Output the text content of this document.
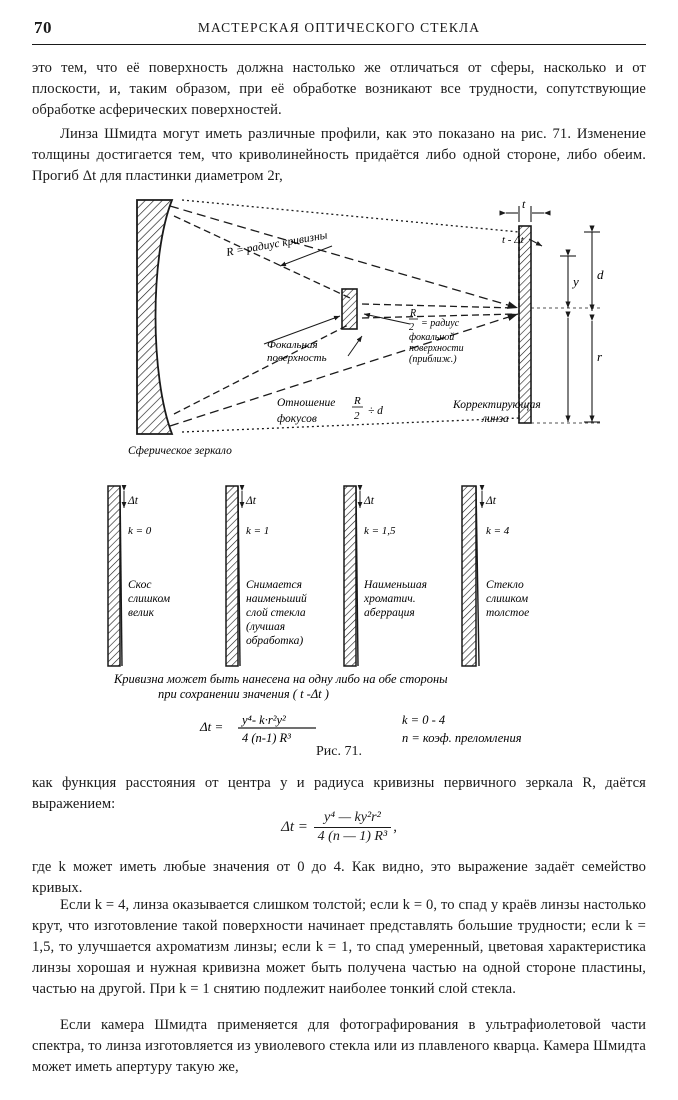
70	МАСТЕРСКАЯ ОПТИЧЕСКОГО СТЕКЛА

это тем, что её поверхность должна настолько же отличаться от сферы, насколько и от плоскости, и, таким образом, при её обработке возникают все трудности, сопутствующие обработке асферических поверхностей.

Линза Шмидта могут иметь различные профили, как это показано на рис. 71. Изменение толщины достигается тем, что криволинейность придаётся либо одной стороне, либо обеим. Прогиб Δt для пластинки диаметром 2r,

t
t - Δt
y d
r
R = радиус кривизны
R
2 = радиус
фокальной
поверхности
(приближ.)
Фокальная
поверхность
Отношение
фокусов
R
2 ÷ d	Корректирующая
линза
Сферическое зеркало
Δt
k = 0
Скос
слишком
велик
Δt
k = 1
Снимается
наименьший
слой стекла
(лучшая
обработка)
Δt
k = 1,5
Наименьшая
хроматич.
аберрация
Δt
k = 4
Стекло
слишком
толстое
Кривизна может быть нанесена на одну либо на обе стороны
при сохранении значения ( t -Δt )
Δt = y⁴- k·r²y²
4 (n-1) R³
k = 0 - 4
n = коэф. преломления
Рис. 71.

как функция расстояния от центра y и радиуса кривизны первичного зеркала R, даётся выражением:

$\Delta t = \frac{\text{y⁴ — ky²r²}}{\text{4 (n — 1) R³}}$ ,

где k может иметь любые значения от 0 до 4. Как видно, это выражение задаёт семейство кривых.

Если k = 4, линза оказывается слишком толстой; если k = 0, то спад у краёв линзы настолько крут, что изготовление такой поверхности начинает представлять большие трудности; если k = 1,5, то улучшается ахроматизм линзы; если k = 1, то спад умеренный, цветовая характеристика линзы хорошая и нужная кривизна может быть получена частью на одной стороне пластины, частью на другой. При k = 1 снятию подлежит наиболее тонкий слой стекла.

Если камера Шмидта применяется для фотографирования в ультрафиолетовой части спектра, то линза изготовляется из увиолевого стекла или из плавленого кварца. Камера Шмидта может иметь апертуру такую же,
